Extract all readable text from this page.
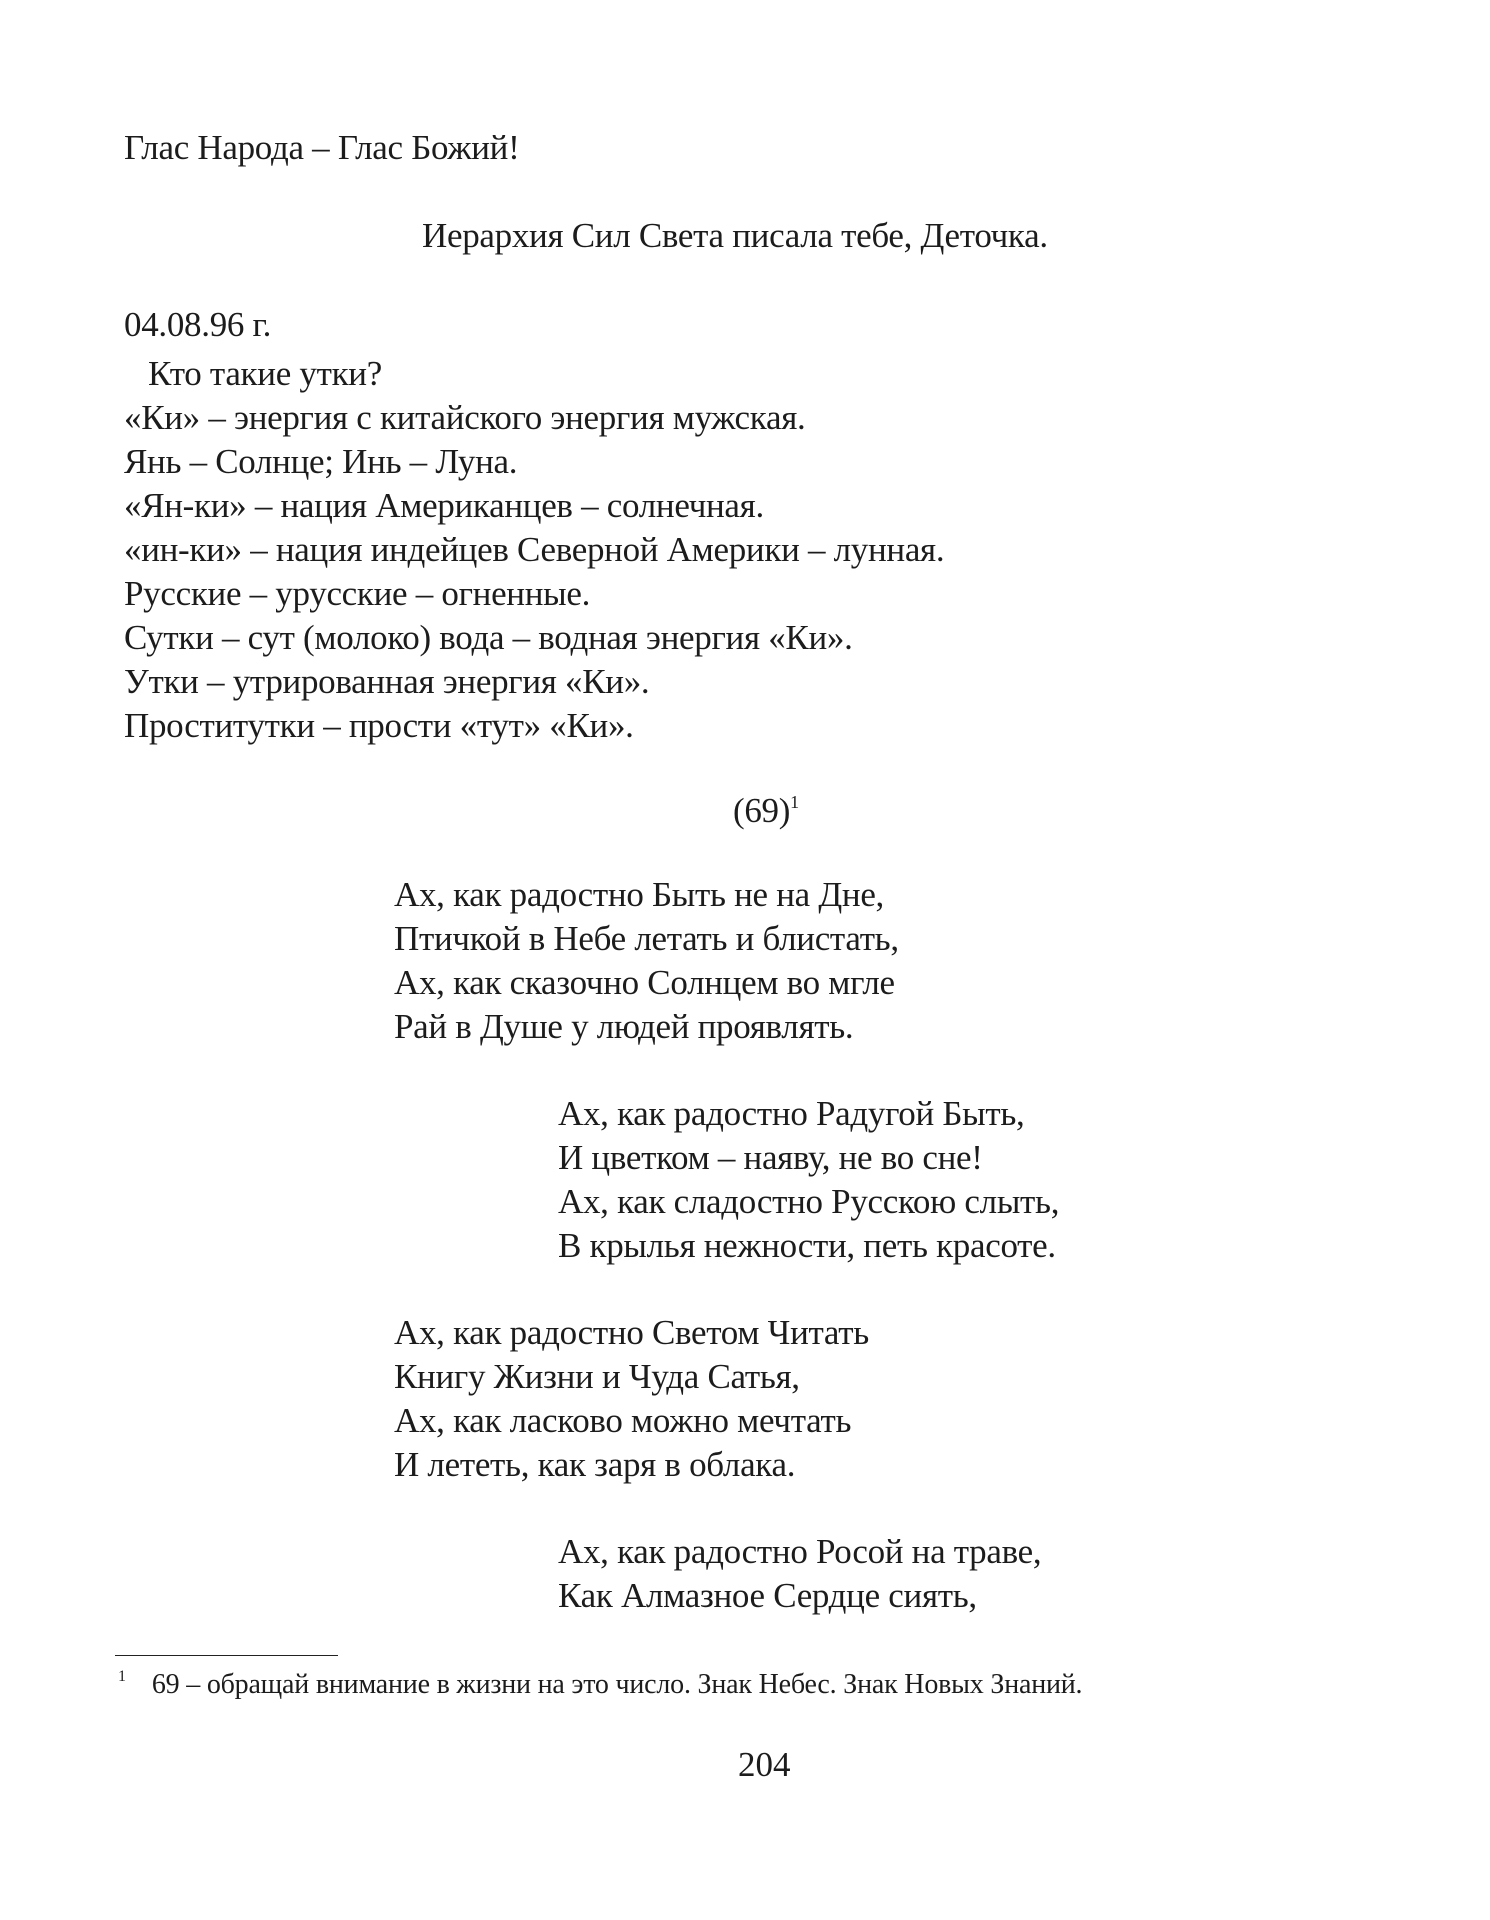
Глас Народа – Глас Божий!
Иерархия Сил Света писала тебе, Деточка.
04.08.96 г.
Кто такие утки?
«Ки» – энергия с китайского энергия мужская.
Янь – Солнце; Инь – Луна.
«Ян-ки» – нация Американцев – солнечная.
«ин-ки» – нация индейцев Северной Америки – лунная.
Русские – урусские – огненные.
Сутки – сут (молоко) вода – водная энергия «Ки».
Утки – утрированная энергия «Ки».
Проститутки – прости «тут» «Ки».
$(69)^1$
Ах, как радостно Быть не на Дне,
Птичкой в Небе летать и блистать,
Ах, как сказочно Солнцем во мгле
Рай в Душе у людей проявлять.
Ах, как радостно Радугой Быть,
И цветком – наяву, не во сне!
Ах, как сладостно Русскою слыть,
В крылья нежности, петь красоте.
Ах, как радостно Светом Читать
Книгу Жизни и Чуда Сатья,
Ах, как ласково можно мечтать
И лететь, как заря в облака.
Ах, как радостно Росой на траве,
Как Алмазное Сердце сиять,
$^1$ 69 – обращай внимание в жизни на это число. Знак Небес. Знак Новых Знаний.
204
